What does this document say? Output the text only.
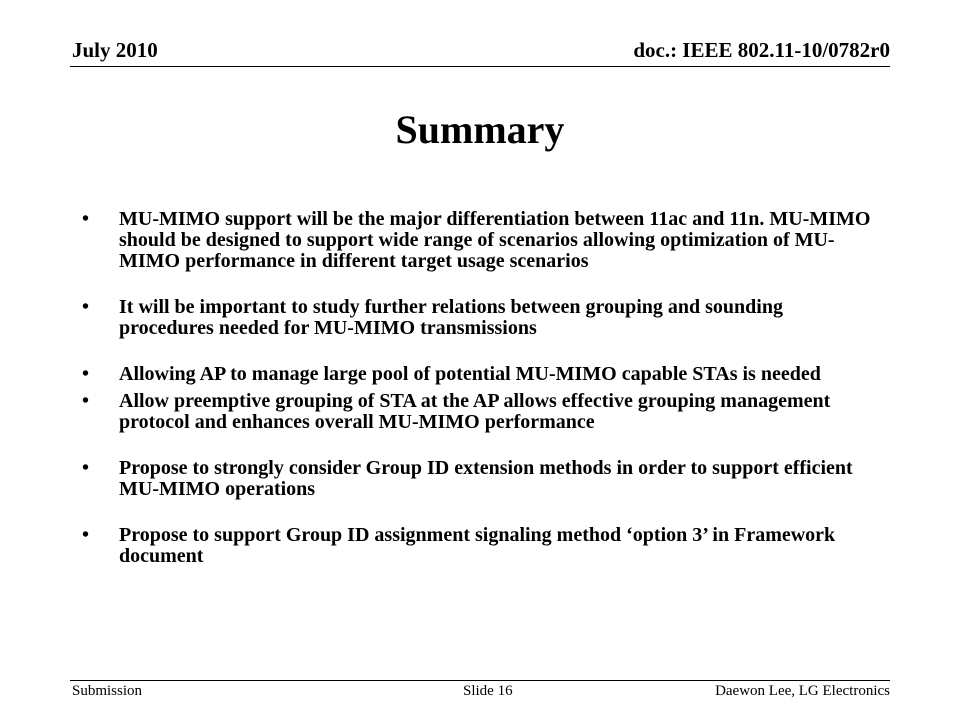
July 2010	doc.: IEEE 802.11-10/0782r0
Summary
•	MU-MIMO support will be the major differentiation between 11ac and 11n. MU-MIMO should be designed to support wide range of scenarios allowing optimization of MU-MIMO performance in different target usage scenarios
•	It will be important to study further relations between grouping and sounding procedures needed for MU-MIMO transmissions
•	Allowing AP to manage large pool of potential MU-MIMO capable STAs is needed
•	Allow preemptive grouping of STA at the AP allows effective grouping management protocol and enhances overall MU-MIMO performance
•	Propose to strongly consider Group ID extension methods in order to support efficient MU-MIMO operations
•	Propose to support Group ID assignment signaling method ‘option 3’ in Framework document
Submission	Slide 16	Daewon Lee, LG Electronics
